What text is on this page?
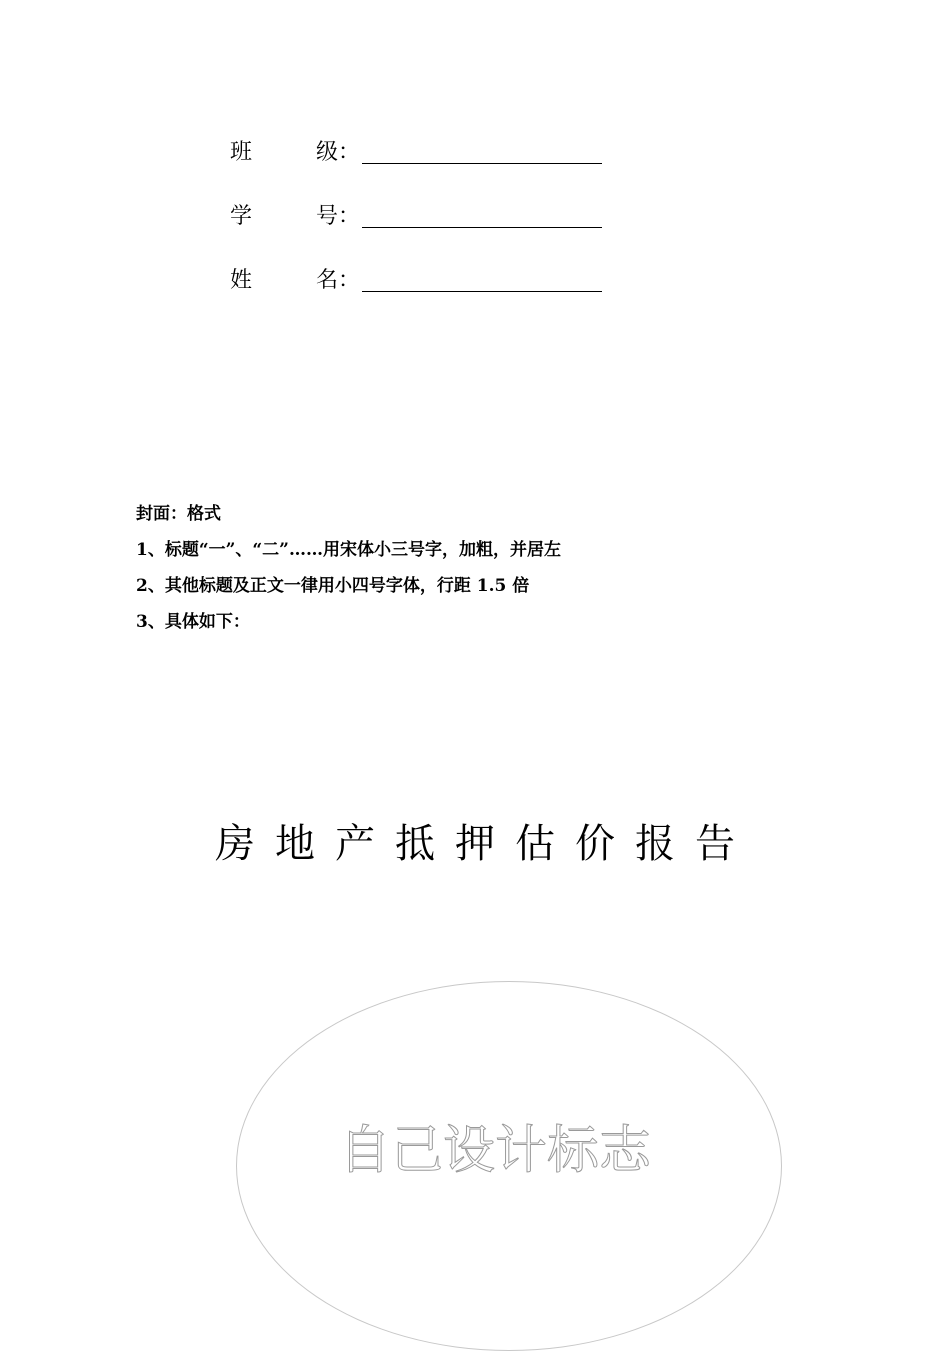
班	级：
学	号：
姓	名：
封面：格式
1、标题“一”、“二”……用宋体小三号字，加粗，并居左
2、其他标题及正文一律用小四号字体，行距 1.5 倍
3、具体如下：
房地产抵押估价报告
自己设计标志
